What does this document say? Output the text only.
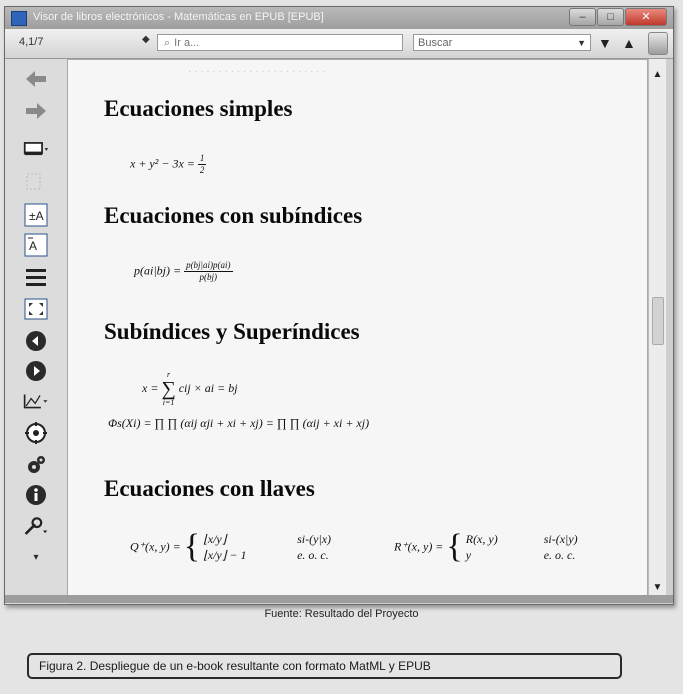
Visor de libros electrónicos - Matemáticas en EPUB [EPUB]	–	□	✕
4,1/7	◆	⌕ Ir a...	Buscar	▼ ▼ ▲
±A
A
▾
· · · · · · · · · · · · · · · · · · · · · · ·
Ecuaciones simples
$x + y^2 - 3x = \frac{1}{2}$
Ecuaciones con subíndices
$p(ai|bj) = \frac{p(bj|ai)p(ai)}{p(bj)}$
Subíndices y Superíndices
x =
r
∑
i=1
cij × ai = bj
Φs(Xi) = ∏ ∏ (αij αji + xi + xj) = ∏ ∏ (αij + xi + xj)
Ecuaciones con llaves
Q⁺(x, y) = { ⌊x/y⌋	si-(y|x)
⌊x/y⌋ − 1	e. o. c.
R⁺(x, y) = { R(x, y)	si-(x|y)
y	e. o. c.
▲
▼
Fuente: Resultado del Proyecto
Figura 2. Despliegue de un e-book resultante con formato MatML y EPUB
